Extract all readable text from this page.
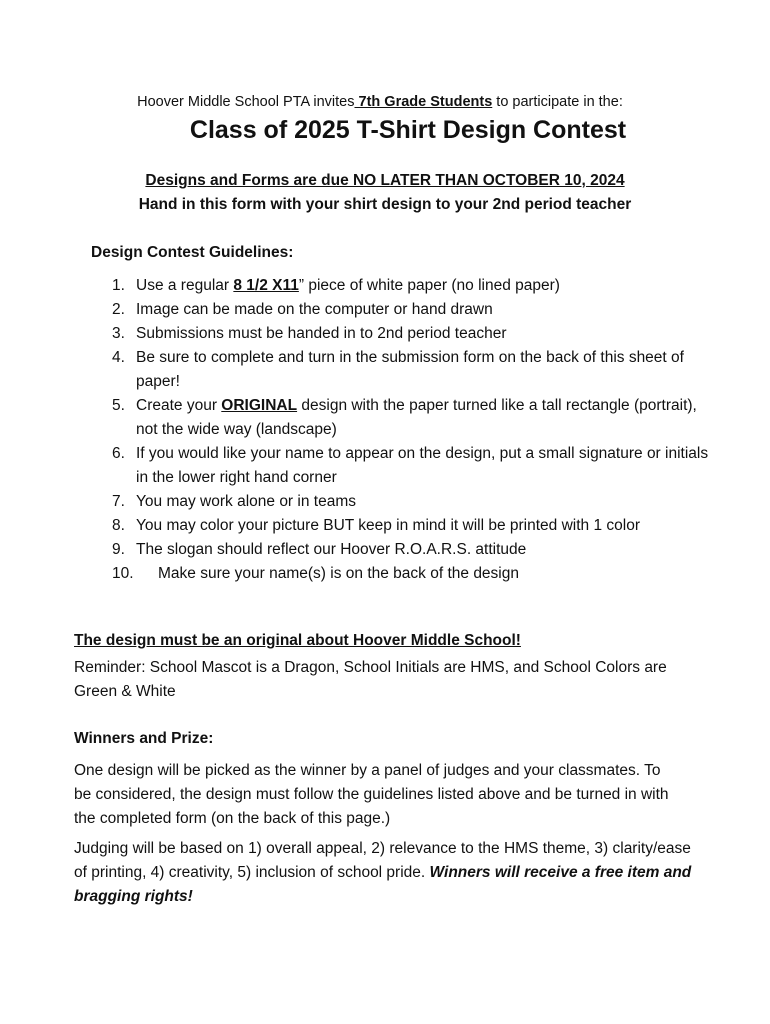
Hoover Middle School PTA invites 7th Grade Students to participate in the:
Class of 2025 T-Shirt Design Contest
Designs and Forms are due NO LATER THAN OCTOBER 10, 2024
Hand in this form with your shirt design to your 2nd period teacher
Design Contest Guidelines:
1. Use a regular 8 1/2 X11” piece of white paper (no lined paper)
2. Image can be made on the computer or hand drawn
3. Submissions must be handed in to 2nd period teacher
4. Be sure to complete and turn in the submission form on the back of this sheet of paper!
5. Create your ORIGINAL design with the paper turned like a tall rectangle (portrait), not the wide way (landscape)
6. If you would like your name to appear on the design, put a small signature or initials in the lower right hand corner
7. You may work alone or in teams
8. You may color your picture BUT keep in mind it will be printed with 1 color
9. The slogan should reflect our Hoover R.O.A.R.S. attitude
10. Make sure your name(s) is on the back of the design
The design must be an original about Hoover Middle School!
Reminder: School Mascot is a Dragon, School Initials are HMS, and School Colors are Green & White
Winners and Prize:
One design will be picked as the winner by a panel of judges and your classmates. To be considered, the design must follow the guidelines listed above and be turned in with the completed form (on the back of this page.)
Judging will be based on 1) overall appeal, 2) relevance to the HMS theme, 3) clarity/ease of printing, 4) creativity, 5) inclusion of school pride. Winners will receive a free item and bragging rights!
